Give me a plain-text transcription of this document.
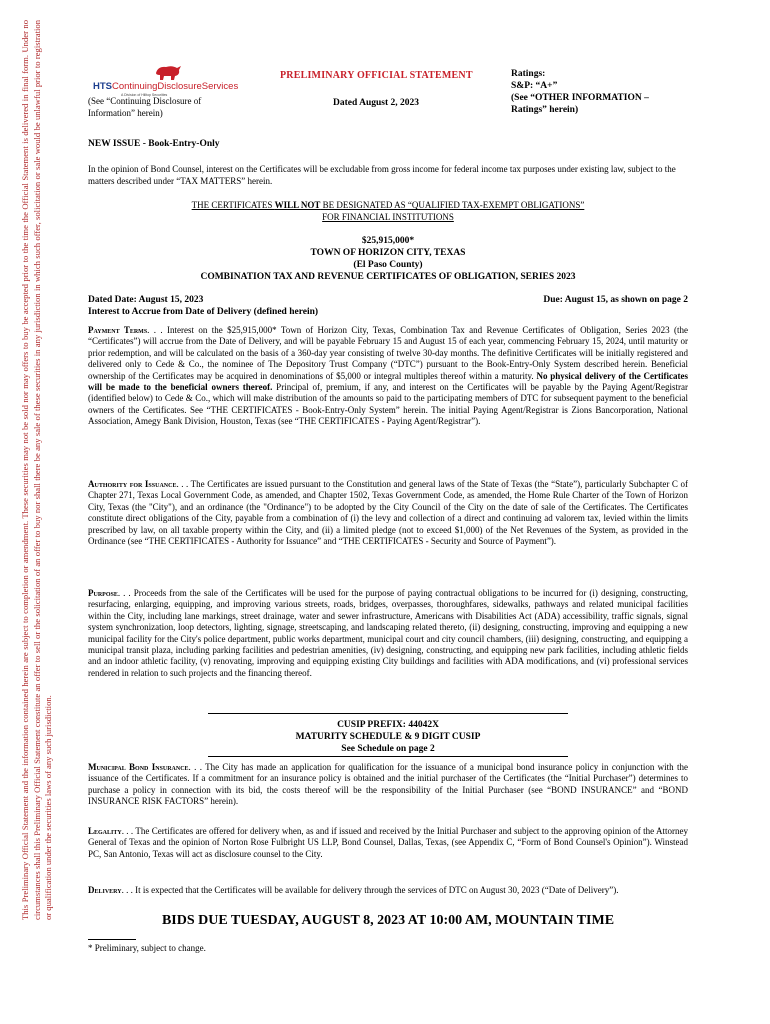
This Preliminary Official Statement and the information contained herein are subject to completion or amendment. These securities may not be sold nor may offers to buy be accepted prior to the time the Official Statement is delivered in final form. Under no circumstances shall this Preliminary Official Statement constitute an offer to sell or the solicitation of an offer to buy nor shall there be any sale of these securities in any jurisdiction in which such offer, solicitation or sale would be unlawful prior to registration or qualification under the securities laws of any such jurisdiction.
HTSContinuingDisclosureServices
A Division of Hilltop Securities
(See “Continuing Disclosure of
Information” herein)
PRELIMINARY OFFICIAL STATEMENT
Dated August 2, 2023
Ratings:
S&P: “A+”
(See “OTHER INFORMATION –
Ratings” herein)
NEW ISSUE - Book-Entry-Only
In the opinion of Bond Counsel, interest on the Certificates will be excludable from gross income for federal income tax purposes under existing law, subject to the matters described under “TAX MATTERS” herein.
THE CERTIFICATES WILL NOT BE DESIGNATED AS “QUALIFIED TAX-EXEMPT OBLIGATIONS”
FOR FINANCIAL INSTITUTIONS
$25,915,000*
TOWN OF HORIZON CITY, TEXAS
(El Paso County)
COMBINATION TAX AND REVENUE CERTIFICATES OF OBLIGATION, SERIES 2023
Dated Date: August 15, 2023
Interest to Accrue from Date of Delivery (defined herein)
Due: August 15, as shown on page 2
Payment Terms. . . Interest on the $25,915,000* Town of Horizon City, Texas, Combination Tax and Revenue Certificates of Obligation, Series 2023 (the “Certificates”) will accrue from the Date of Delivery, and will be payable February 15 and August 15 of each year, commencing February 15, 2024, until maturity or prior redemption, and will be calculated on the basis of a 360-day year consisting of twelve 30-day months. The definitive Certificates will be initially registered and delivered only to Cede & Co., the nominee of The Depository Trust Company (“DTC”) pursuant to the Book-Entry-Only System described herein. Beneficial ownership of the Certificates may be acquired in denominations of $5,000 or integral multiples thereof within a maturity. No physical delivery of the Certificates will be made to the beneficial owners thereof. Principal of, premium, if any, and interest on the Certificates will be payable by the Paying Agent/Registrar (identified below) to Cede & Co., which will make distribution of the amounts so paid to the participating members of DTC for subsequent payment to the beneficial owners of the Certificates. See “THE CERTIFICATES - Book-Entry-Only System” herein. The initial Paying Agent/Registrar is Zions Bancorporation, National Association, Amegy Bank Division, Houston, Texas (see “THE CERTIFICATES - Paying Agent/Registrar”).
Authority for Issuance. . . The Certificates are issued pursuant to the Constitution and general laws of the State of Texas (the “State”), particularly Subchapter C of Chapter 271, Texas Local Government Code, as amended, and Chapter 1502, Texas Government Code, as amended, the Home Rule Charter of the Town of Horizon City, Texas (the "City"), and an ordinance (the "Ordinance") to be adopted by the City Council of the City on the date of sale of the Certificates. The Certificates constitute direct obligations of the City, payable from a combination of (i) the levy and collection of a direct and continuing ad valorem tax, levied within the limits prescribed by law, on all taxable property within the City, and (ii) a limited pledge (not to exceed $1,000) of the Net Revenues of the System, as provided in the Ordinance (see “THE CERTIFICATES - Authority for Issuance” and “THE CERTIFICATES - Security and Source of Payment”).
Purpose. . . Proceeds from the sale of the Certificates will be used for the purpose of paying contractual obligations to be incurred for (i) designing, constructing, resurfacing, enlarging, equipping, and improving various streets, roads, bridges, overpasses, thoroughfares, sidewalks, pathways and related municipal facilities within the City, including lane markings, street drainage, water and sewer infrastructure, Americans with Disabilities Act (ADA) accessibility, traffic signals, signal system synchronization, loop detectors, lighting, signage, streetscaping, and landscaping related thereto, (ii) designing, constructing, improving and equipping a new municipal facility for the City's police department, public works department, municipal court and city council chambers, (iii) designing, constructing, and equipping a municipal transit plaza, including parking facilities and pedestrian amenities, (iv) designing, constructing, and equipping new park facilities, including athletic fields and an indoor athletic facility, (v) renovating, improving and equipping existing City buildings and facilities with ADA modifications, and (vi) professional services rendered in relation to such projects and the financing thereof.
CUSIP PREFIX: 44042X
MATURITY SCHEDULE & 9 DIGIT CUSIP
See Schedule on page 2
Municipal Bond Insurance. . . The City has made an application for qualification for the issuance of a municipal bond insurance policy in conjunction with the issuance of the Certificates. If a commitment for an insurance policy is obtained and the initial purchaser of the Certificates (the “Initial Purchaser”) determines to purchase a policy in connection with its bid, the costs thereof will be the responsibility of the Initial Purchaser (see “BOND INSURANCE” and “BOND INSURANCE RISK FACTORS” herein).
Legality. . . The Certificates are offered for delivery when, as and if issued and received by the Initial Purchaser and subject to the approving opinion of the Attorney General of Texas and the opinion of Norton Rose Fulbright US LLP, Bond Counsel, Dallas, Texas, (see Appendix C, “Form of Bond Counsel's Opinion”). Winstead PC, San Antonio, Texas will act as disclosure counsel to the City.
Delivery. . . It is expected that the Certificates will be available for delivery through the services of DTC on August 30, 2023 (“Date of Delivery”).
BIDS DUE TUESDAY, AUGUST 8, 2023 AT 10:00 AM, MOUNTAIN TIME
* Preliminary, subject to change.
